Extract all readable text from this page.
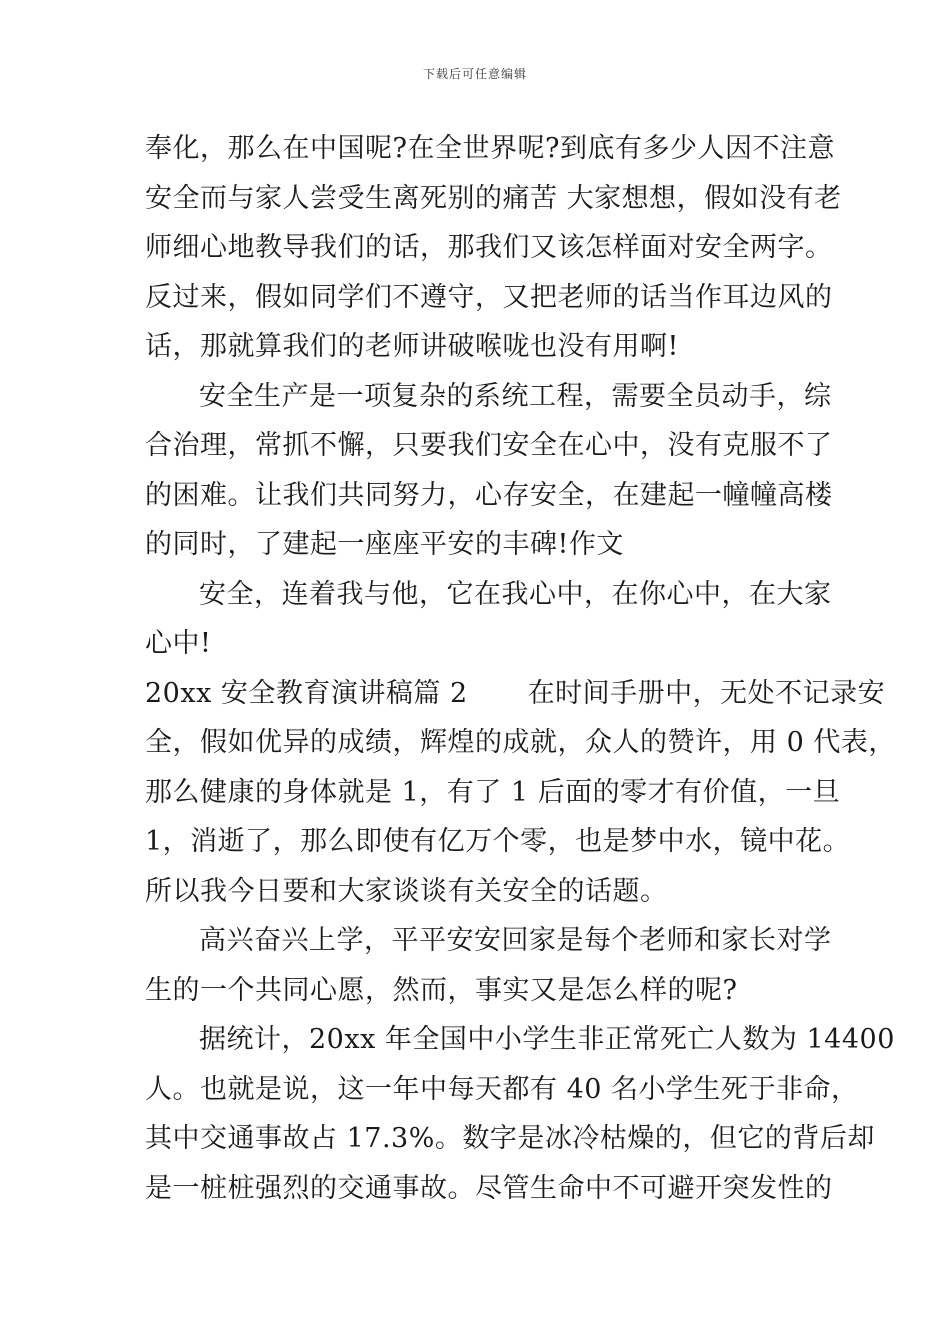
下载后可任意编辑
奉化，那么在中国呢?在全世界呢?到底有多少人因不注意
安全而与家人尝受生离死别的痛苦 大家想想，假如没有老
师细心地教导我们的话，那我们又该怎样面对安全两字。
反过来，假如同学们不遵守，又把老师的话当作耳边风的
话，那就算我们的老师讲破喉咙也没有用啊!
安全生产是一项复杂的系统工程，需要全员动手，综
合治理，常抓不懈，只要我们安全在心中，没有克服不了
的困难。让我们共同努力，心存安全，在建起一幢幢高楼
的同时，了建起一座座平安的丰碑!作文
安全，连着我与他，它在我心中，在你心中，在大家
心中!
20xx 安全教育演讲稿篇 2 在时间手册中，无处不记录安
全，假如优异的成绩，辉煌的成就，众人的赞许，用 0 代表，
那么健康的身体就是 1，有了 1 后面的零才有价值，一旦
1，消逝了，那么即使有亿万个零，也是梦中水，镜中花。
所以我今日要和大家谈谈有关安全的话题。
高兴奋兴上学，平平安安回家是每个老师和家长对学
生的一个共同心愿，然而，事实又是怎么样的呢?
据统计，20xx 年全国中小学生非正常死亡人数为 14400
人。也就是说，这一年中每天都有 40 名小学生死于非命，
其中交通事故占 17.3%。数字是冰冷枯燥的，但它的背后却
是一桩桩强烈的交通事故。尽管生命中不可避开突发性的
